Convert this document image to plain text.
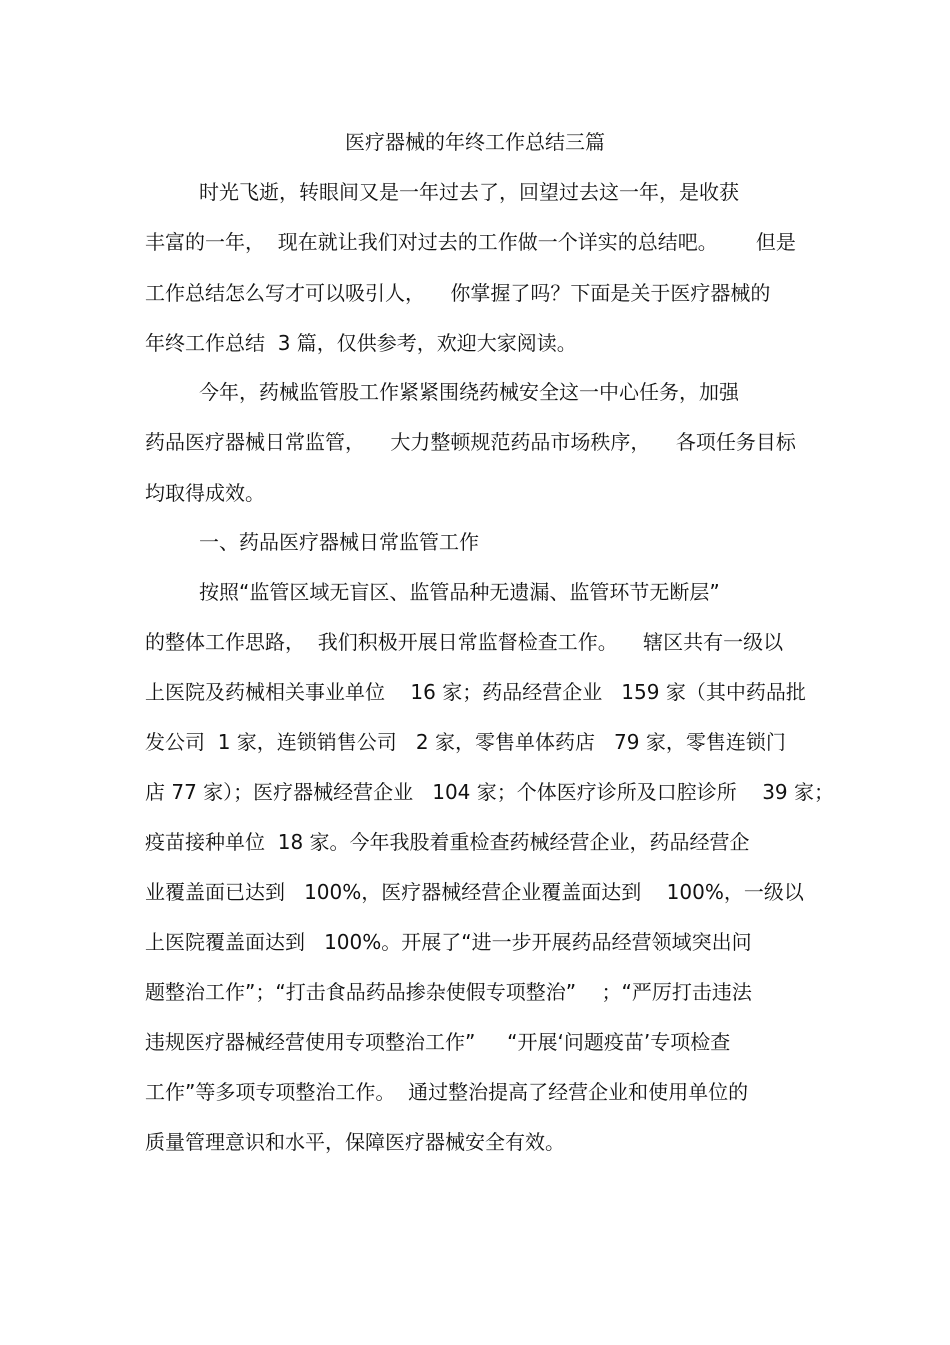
医疗器械的年终工作总结三篇
时光飞逝，转眼间又是一年过去了，回望过去这一年，是收获
丰富的一年，  现在就让我们对过去的工作做一个详实的总结吧。      但是
工作总结怎么写才可以吸引人，    你掌握了吗？下面是关于医疗器械的
年终工作总结  3 篇，仅供参考，欢迎大家阅读。
今年，药械监管股工作紧紧围绕药械安全这一中心任务，加强
药品医疗器械日常监管，    大力整顿规范药品市场秩序，    各项任务目标
均取得成效。
一、药品医疗器械日常监管工作
按照“监管区域无盲区、监管品种无遗漏、监管环节无断层”
的整体工作思路，  我们积极开展日常监督检查工作。    辖区共有一级以
上医院及药械相关事业单位    16 家；药品经营企业   159 家（其中药品批
发公司  1 家，连锁销售公司   2 家，零售单体药店   79 家，零售连锁门
店 77 家）；医疗器械经营企业   104 家；个体医疗诊所及口腔诊所    39 家；
疫苗接种单位  18 家。今年我股着重检查药械经营企业，药品经营企
业覆盖面已达到   100%，医疗器械经营企业覆盖面达到    100%，一级以
上医院覆盖面达到   100%。开展了“进一步开展药品经营领域突出问
题整治工作”；“打击食品药品掺杂使假专项整治”    ；“严厉打击违法
违规医疗器械经营使用专项整治工作”     “开展‘问题疫苗’专项检查
工作”等多项专项整治工作。  通过整治提高了经营企业和使用单位的
质量管理意识和水平，保障医疗器械安全有效。
